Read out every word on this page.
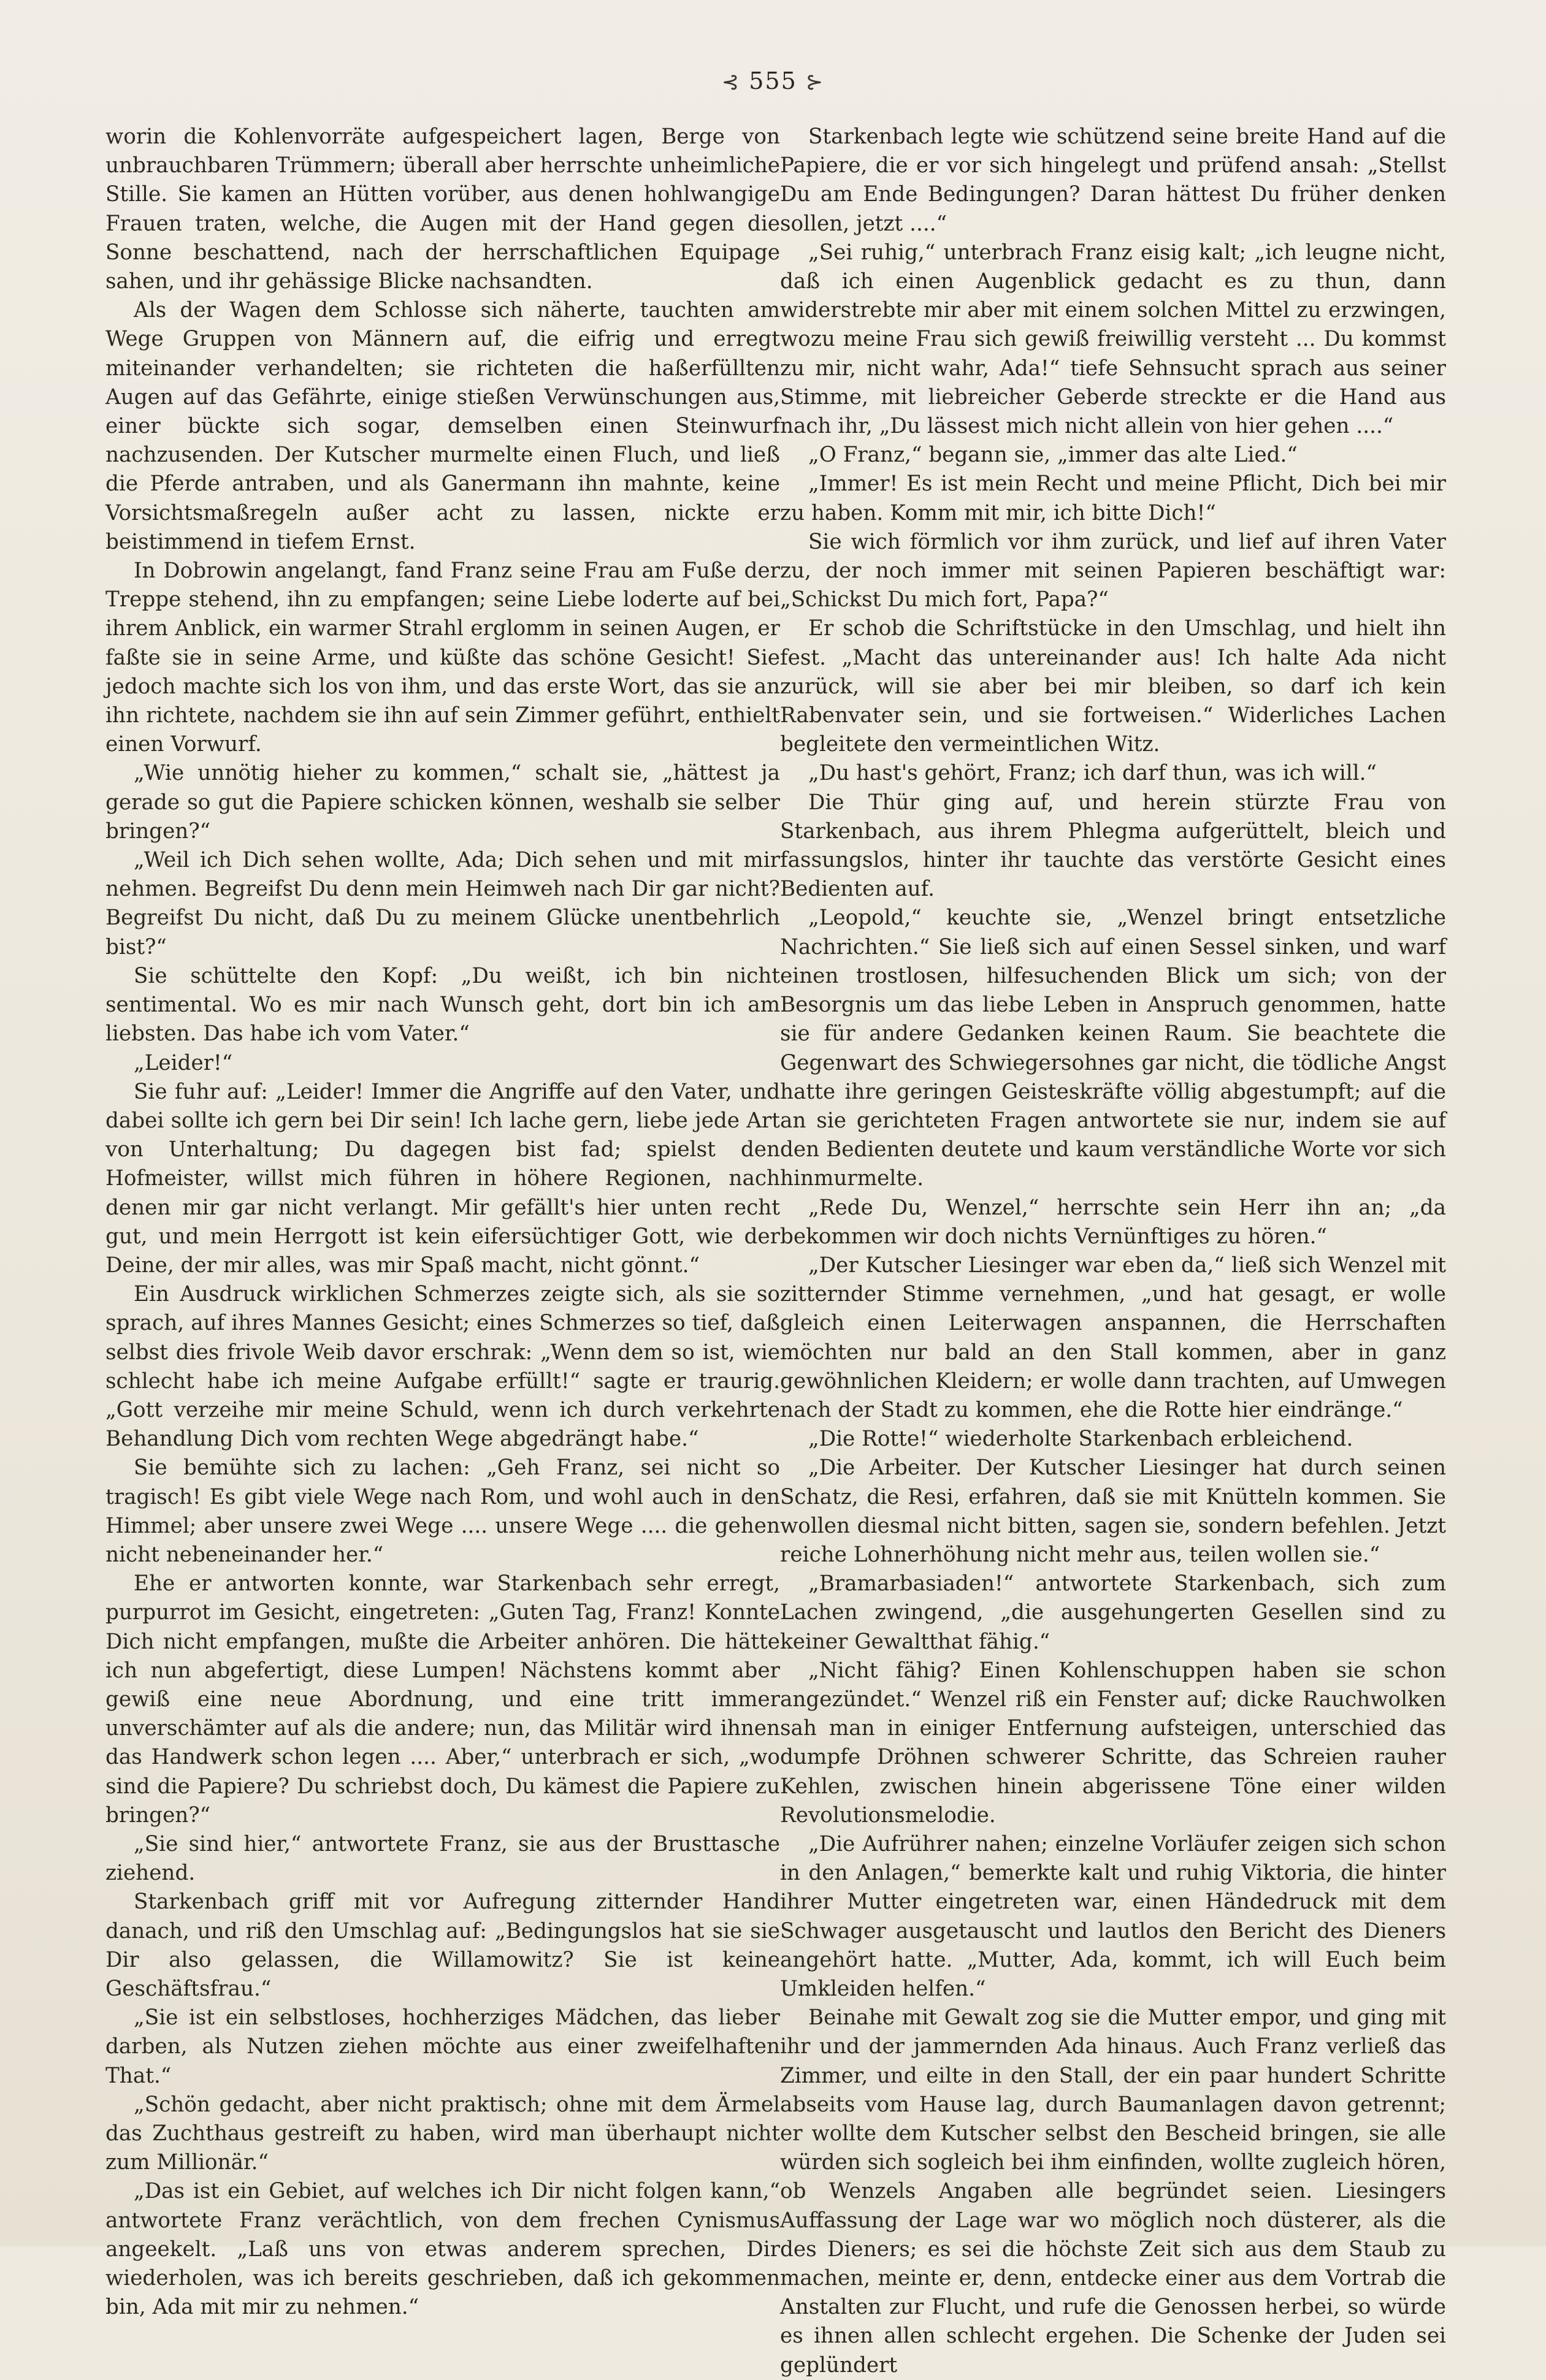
⊰ 555 ⊱

worin die Kohlenvorräte aufgespeichert lagen, Berge von unbrauchbaren Trümmern; überall aber herrschte unheimliche Stille. Sie kamen an Hütten vorüber, aus denen hohlwangige Frauen traten, welche, die Augen mit der Hand gegen die Sonne beschattend, nach der herrschaftlichen Equipage sahen, und ihr gehässige Blicke nachsandten.

Als der Wagen dem Schlosse sich näherte, tauchten am Wege Gruppen von Männern auf, die eifrig und erregt miteinander verhandelten; sie richteten die haßerfüllten Augen auf das Gefährte, einige stießen Verwünschungen aus, einer bückte sich sogar, demselben einen Steinwurf nachzusenden. Der Kutscher murmelte einen Fluch, und ließ die Pferde antraben, und als Ganermann ihn mahnte, keine Vorsichtsmaßregeln außer acht zu lassen, nickte er beistimmend in tiefem Ernst.

In Dobrowin angelangt, fand Franz seine Frau am Fuße der Treppe stehend, ihn zu empfangen; seine Liebe loderte auf bei ihrem Anblick, ein warmer Strahl erglomm in seinen Augen, er faßte sie in seine Arme, und küßte das schöne Gesicht! Sie jedoch machte sich los von ihm, und das erste Wort, das sie an ihn richtete, nachdem sie ihn auf sein Zimmer geführt, enthielt einen Vorwurf.

„Wie unnötig hieher zu kommen,“ schalt sie, „hättest ja gerade so gut die Papiere schicken können, weshalb sie selber bringen?“

„Weil ich Dich sehen wollte, Ada; Dich sehen und mit mir nehmen. Begreifst Du denn mein Heimweh nach Dir gar nicht? Begreifst Du nicht, daß Du zu meinem Glücke unentbehrlich bist?“

Sie schüttelte den Kopf: „Du weißt, ich bin nicht sentimental. Wo es mir nach Wunsch geht, dort bin ich am liebsten. Das habe ich vom Vater.“

„Leider!“

Sie fuhr auf: „Leider! Immer die Angriffe auf den Vater, und dabei sollte ich gern bei Dir sein! Ich lache gern, liebe jede Art von Unterhaltung; Du dagegen bist fad; spielst den Hofmeister, willst mich führen in höhere Regionen, nach denen mir gar nicht verlangt. Mir gefällt's hier unten recht gut, und mein Herrgott ist kein eifersüchtiger Gott, wie der Deine, der mir alles, was mir Spaß macht, nicht gönnt.“

Ein Ausdruck wirklichen Schmerzes zeigte sich, als sie so sprach, auf ihres Mannes Gesicht; eines Schmerzes so tief, daß selbst dies frivole Weib davor erschrak: „Wenn dem so ist, wie schlecht habe ich meine Aufgabe erfüllt!“ sagte er traurig. „Gott verzeihe mir meine Schuld, wenn ich durch verkehrte Behandlung Dich vom rechten Wege abgedrängt habe.“

Sie bemühte sich zu lachen: „Geh Franz, sei nicht so tragisch! Es gibt viele Wege nach Rom, und wohl auch in den Himmel; aber unsere zwei Wege .... unsere Wege .... die gehen nicht nebeneinander her.“

Ehe er antworten konnte, war Starkenbach sehr erregt, purpurrot im Gesicht, eingetreten: „Guten Tag, Franz! Konnte Dich nicht empfangen, mußte die Arbeiter anhören. Die hätte ich nun abgefertigt, diese Lumpen! Nächstens kommt aber gewiß eine neue Abordnung, und eine tritt immer unverschämter auf als die andere; nun, das Militär wird ihnen das Handwerk schon legen .... Aber,“ unterbrach er sich, „wo sind die Papiere? Du schriebst doch, Du kämest die Papiere zu bringen?“

„Sie sind hier,“ antwortete Franz, sie aus der Brusttasche ziehend.

Starkenbach griff mit vor Aufregung zitternder Hand danach, und riß den Umschlag auf: „Bedingungslos hat sie sie Dir also gelassen, die Willamowitz? Sie ist keine Geschäftsfrau.“

„Sie ist ein selbstloses, hochherziges Mädchen, das lieber darben, als Nutzen ziehen möchte aus einer zweifelhaften That.“

„Schön gedacht, aber nicht praktisch; ohne mit dem Ärmel das Zuchthaus gestreift zu haben, wird man überhaupt nicht zum Millionär.“

„Das ist ein Gebiet, auf welches ich Dir nicht folgen kann,“ antwortete Franz verächtlich, von dem frechen Cynismus angeekelt. „Laß uns von etwas anderem sprechen, Dir wiederholen, was ich bereits geschrieben, daß ich gekommen bin, Ada mit mir zu nehmen.“

Starkenbach legte wie schützend seine breite Hand auf die Papiere, die er vor sich hingelegt und prüfend ansah: „Stellst Du am Ende Bedingungen? Daran hättest Du früher denken sollen, jetzt ....“

„Sei ruhig,“ unterbrach Franz eisig kalt; „ich leugne nicht, daß ich einen Augenblick gedacht es zu thun, dann widerstrebte mir aber mit einem solchen Mittel zu erzwingen, wozu meine Frau sich gewiß freiwillig versteht ... Du kommst zu mir, nicht wahr, Ada!“ tiefe Sehnsucht sprach aus seiner Stimme, mit liebreicher Geberde streckte er die Hand aus nach ihr, „Du lässest mich nicht allein von hier gehen ....“

„O Franz,“ begann sie, „immer das alte Lied.“

„Immer! Es ist mein Recht und meine Pflicht, Dich bei mir zu haben. Komm mit mir, ich bitte Dich!“

Sie wich förmlich vor ihm zurück, und lief auf ihren Vater zu, der noch immer mit seinen Papieren beschäftigt war: „Schickst Du mich fort, Papa?“

Er schob die Schriftstücke in den Umschlag, und hielt ihn fest. „Macht das untereinander aus! Ich halte Ada nicht zurück, will sie aber bei mir bleiben, so darf ich kein Rabenvater sein, und sie fortweisen.“ Widerliches Lachen begleitete den vermeintlichen Witz.

„Du hast's gehört, Franz; ich darf thun, was ich will.“

Die Thür ging auf, und herein stürzte Frau von Starkenbach, aus ihrem Phlegma aufgerüttelt, bleich und fassungslos, hinter ihr tauchte das verstörte Gesicht eines Bedienten auf.

„Leopold,“ keuchte sie, „Wenzel bringt entsetzliche Nachrichten.“ Sie ließ sich auf einen Sessel sinken, und warf einen trostlosen, hilfesuchenden Blick um sich; von der Besorgnis um das liebe Leben in Anspruch genommen, hatte sie für andere Gedanken keinen Raum. Sie beachtete die Gegenwart des Schwiegersohnes gar nicht, die tödliche Angst hatte ihre geringen Geisteskräfte völlig abgestumpft; auf die an sie gerichteten Fragen antwortete sie nur, indem sie auf den Bedienten deutete und kaum verständliche Worte vor sich hinmurmelte.

„Rede Du, Wenzel,“ herrschte sein Herr ihn an; „da bekommen wir doch nichts Vernünftiges zu hören.“

„Der Kutscher Liesinger war eben da,“ ließ sich Wenzel mit zitternder Stimme vernehmen, „und hat gesagt, er wolle gleich einen Leiterwagen anspannen, die Herrschaften möchten nur bald an den Stall kommen, aber in ganz gewöhnlichen Kleidern; er wolle dann trachten, auf Umwegen nach der Stadt zu kommen, ehe die Rotte hier eindränge.“

„Die Rotte!“ wiederholte Starkenbach erbleichend.

„Die Arbeiter. Der Kutscher Liesinger hat durch seinen Schatz, die Resi, erfahren, daß sie mit Knütteln kommen. Sie wollen diesmal nicht bitten, sagen sie, sondern befehlen. Jetzt reiche Lohnerhöhung nicht mehr aus, teilen wollen sie.“

„Bramarbasiaden!“ antwortete Starkenbach, sich zum Lachen zwingend, „die ausgehungerten Gesellen sind zu keiner Gewaltthat fähig.“

„Nicht fähig? Einen Kohlenschuppen haben sie schon angezündet.“ Wenzel riß ein Fenster auf; dicke Rauchwolken sah man in einiger Entfernung aufsteigen, unterschied das dumpfe Dröhnen schwerer Schritte, das Schreien rauher Kehlen, zwischen hinein abgerissene Töne einer wilden Revolutionsmelodie.

„Die Aufrührer nahen; einzelne Vorläufer zeigen sich schon in den Anlagen,“ bemerkte kalt und ruhig Viktoria, die hinter ihrer Mutter eingetreten war, einen Händedruck mit dem Schwager ausgetauscht und lautlos den Bericht des Dieners angehört hatte. „Mutter, Ada, kommt, ich will Euch beim Umkleiden helfen.“

Beinahe mit Gewalt zog sie die Mutter empor, und ging mit ihr und der jammernden Ada hinaus. Auch Franz verließ das Zimmer, und eilte in den Stall, der ein paar hundert Schritte abseits vom Hause lag, durch Baumanlagen davon getrennt; er wollte dem Kutscher selbst den Bescheid bringen, sie alle würden sich sogleich bei ihm einfinden, wollte zugleich hören, ob Wenzels Angaben alle begründet seien. Liesingers Auffassung der Lage war wo möglich noch düsterer, als die des Dieners; es sei die höchste Zeit sich aus dem Staub zu machen, meinte er, denn, entdecke einer aus dem Vortrab die Anstalten zur Flucht, und rufe die Genossen herbei, so würde es ihnen allen schlecht ergehen. Die Schenke der Juden sei geplündert
